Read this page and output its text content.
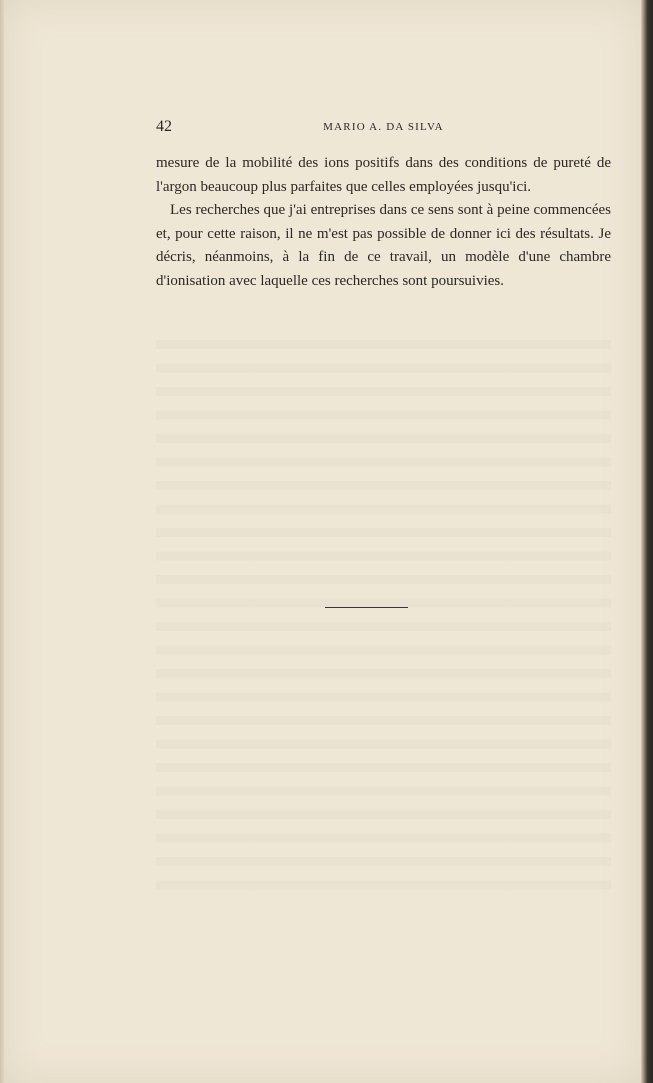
42	MARIO A. DA SILVA

mesure de la mobilité des ions positifs dans des conditions de pureté de l'argon beaucoup plus parfaites que celles employées jusqu'ici.

Les recherches que j'ai entreprises dans ce sens sont à peine commencées et, pour cette raison, il ne m'est pas possible de donner ici des résultats. Je décris, néanmoins, à la fin de ce travail, un modèle d'une chambre d'ionisation avec laquelle ces recherches sont poursuivies.
